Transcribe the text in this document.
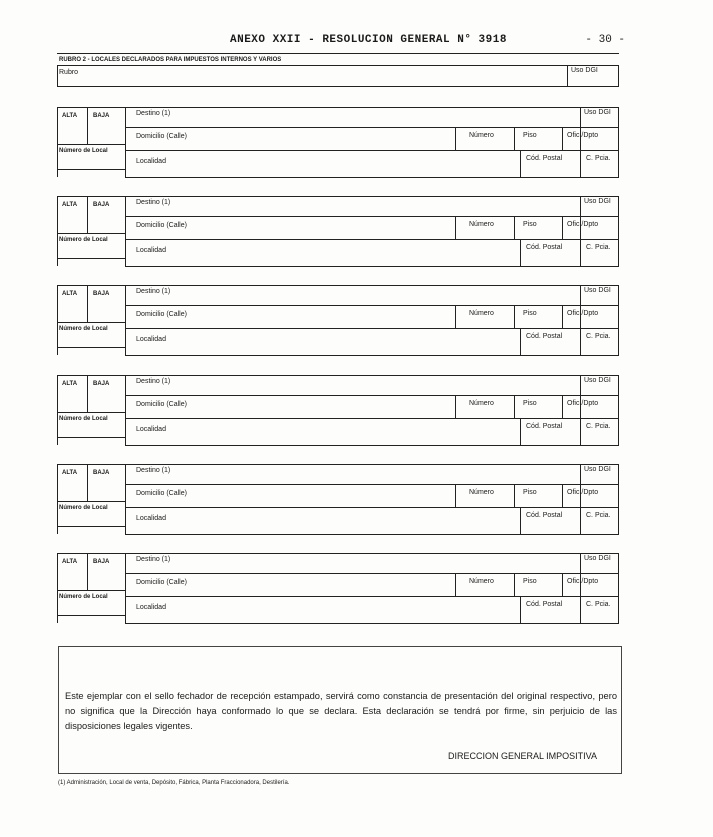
ANEXO XXII - RESOLUCION GENERAL N° 3918	- 30 -
RUBRO 2 - LOCALES DECLARADOS PARA IMPUESTOS INTERNOS Y VARIOS
Rubro	Uso DGI
ALTA	BAJA
Número de Local
Destino (1)	Uso DGI
Domicilio (Calle)	Número	Piso	Ofic./Dpto
Localidad	Cód. Postal	C. Pcia.
ALTA	BAJA
Número de Local
Destino (1)	Uso DGI
Domicilio (Calle)	Número	Piso	Ofic./Dpto
Localidad	Cód. Postal	C. Pcia.
ALTA	BAJA
Número de Local
Destino (1)	Uso DGI
Domicilio (Calle)	Número	Piso	Ofic./Dpto
Localidad	Cód. Postal	C. Pcia.
ALTA	BAJA
Número de Local
Destino (1)	Uso DGI
Domicilio (Calle)	Número	Piso	Ofic./Dpto
Localidad	Cód. Postal	C. Pcia.
ALTA	BAJA
Número de Local
Destino (1)	Uso DGI
Domicilio (Calle)	Número	Piso	Ofic./Dpto
Localidad	Cód. Postal	C. Pcia.
ALTA	BAJA
Número de Local
Destino (1)	Uso DGI
Domicilio (Calle)	Número	Piso	Ofic./Dpto
Localidad	Cód. Postal	C. Pcia.
Este ejemplar con el sello fechador de recepción estampado, servirá como constancia de presentación del original respectivo, pero no significa que la Dirección haya conformado lo que se declara. Esta declaración se tendrá por firme, sin perjuicio de las disposiciones legales vigentes.
DIRECCION GENERAL IMPOSITIVA
(1) Administración, Local de venta, Depósito, Fábrica, Planta Fraccionadora, Destilería.
